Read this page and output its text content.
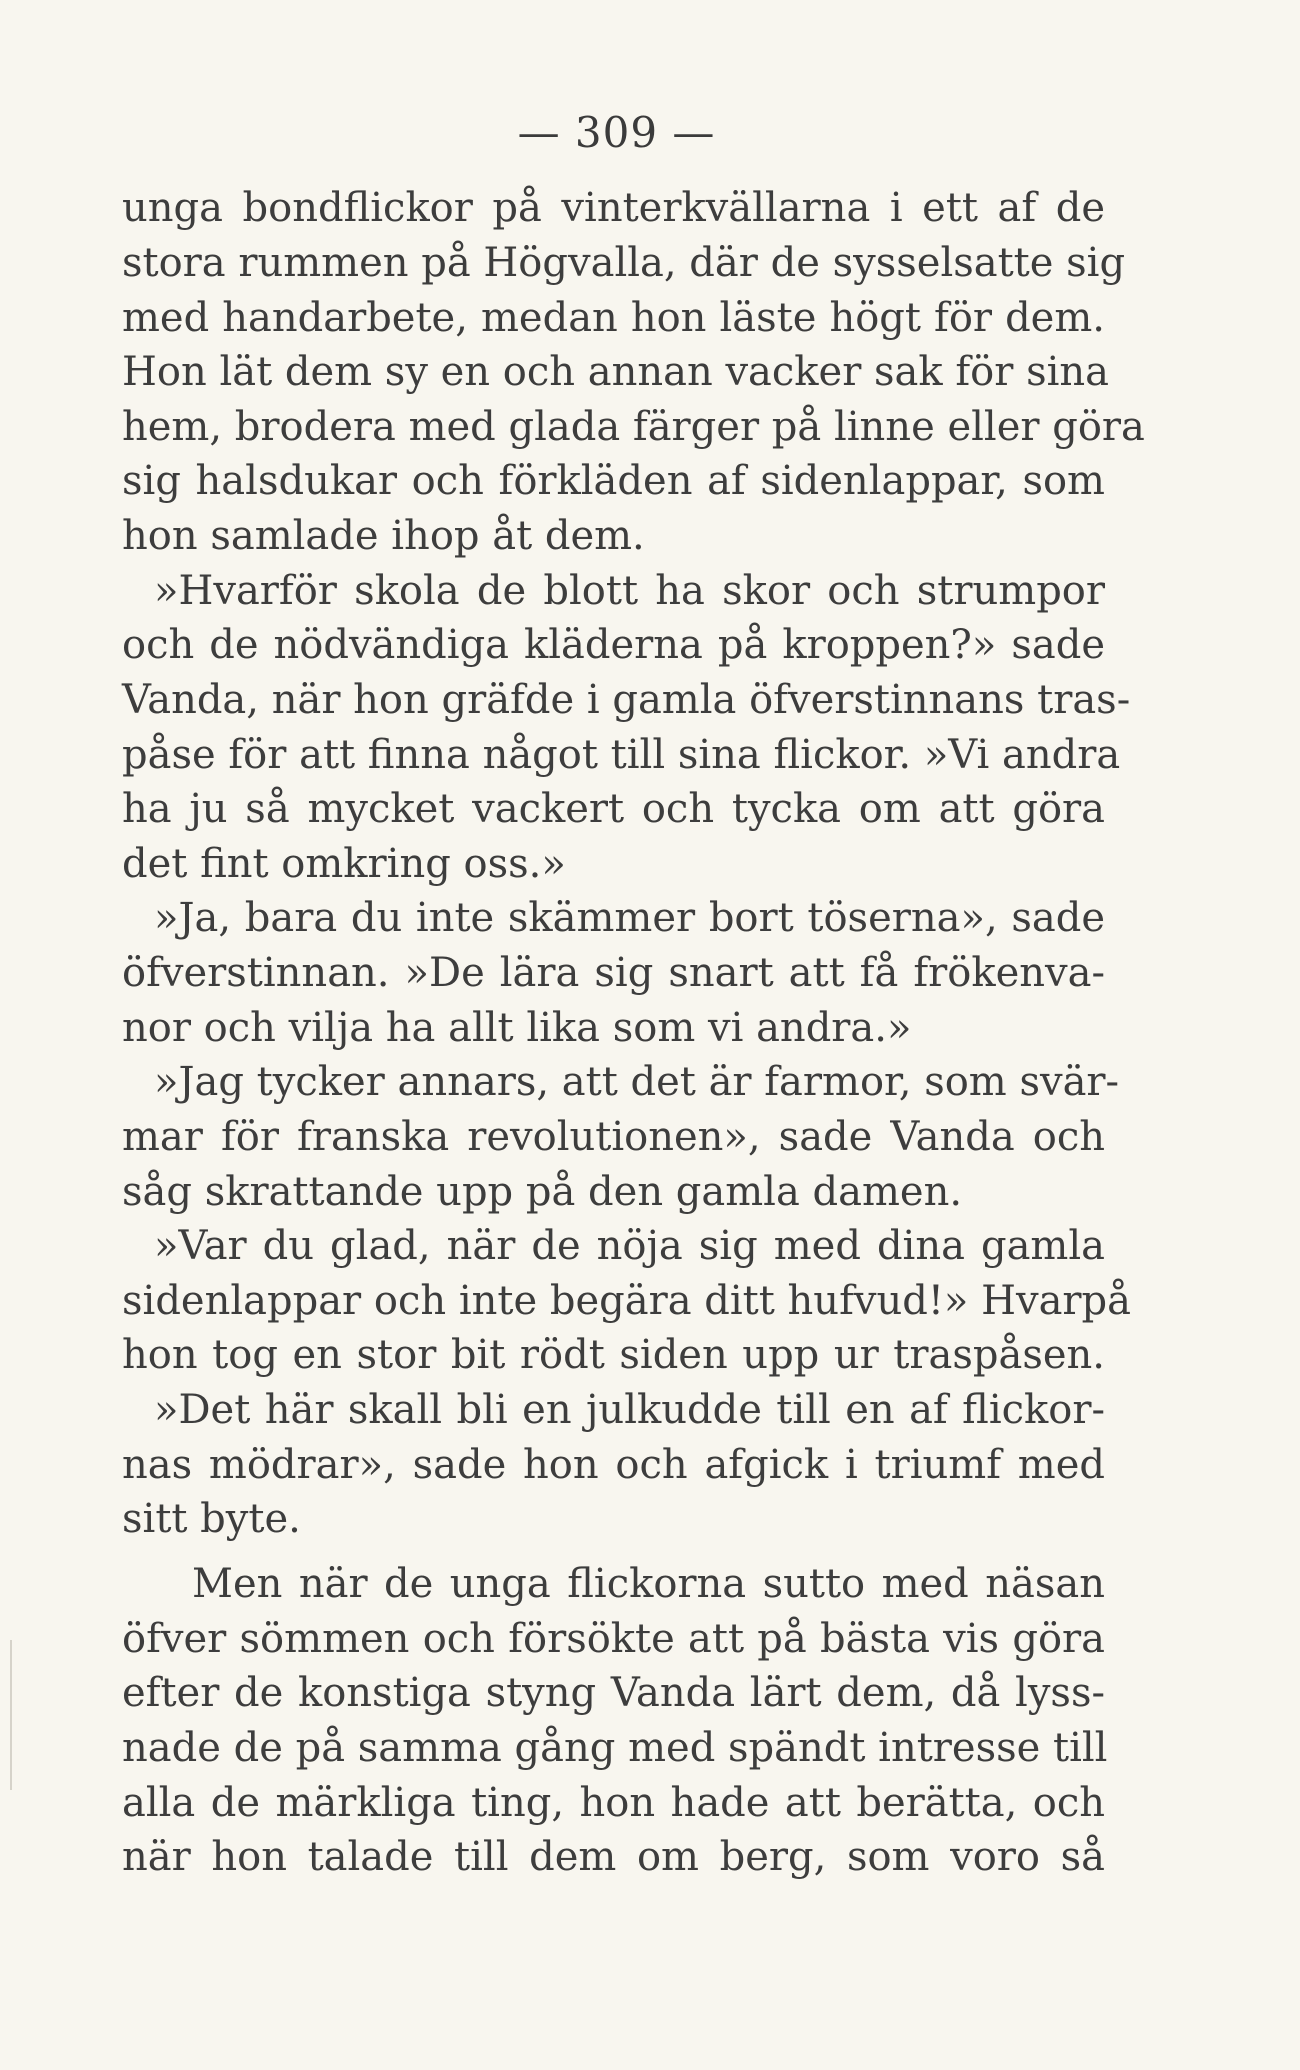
— 309 —
unga bondflickor på vinterkvällarna i ett af de
stora rummen på Högvalla, där de sysselsatte sig
med handarbete, medan hon läste högt för dem.
Hon lät dem sy en och annan vacker sak för sina
hem, brodera med glada färger på linne eller göra
sig halsdukar och förkläden af sidenlappar, som
hon samlade ihop åt dem.
»Hvarför skola de blott ha skor och strumpor
och de nödvändiga kläderna på kroppen?» sade
Vanda, när hon gräfde i gamla öfverstinnans tras-
påse för att finna något till sina flickor. »Vi andra
ha ju så mycket vackert och tycka om att göra
det fint omkring oss.»
»Ja, bara du inte skämmer bort töserna», sade
öfverstinnan. »De lära sig snart att få frökenva-
nor och vilja ha allt lika som vi andra.»
»Jag tycker annars, att det är farmor, som svär-
mar för franska revolutionen», sade Vanda och
såg skrattande upp på den gamla damen.
»Var du glad, när de nöja sig med dina gamla
sidenlappar och inte begära ditt hufvud!» Hvarpå
hon tog en stor bit rödt siden upp ur traspåsen.
»Det här skall bli en julkudde till en af flickor-
nas mödrar», sade hon och afgick i triumf med
sitt byte.
Men när de unga flickorna sutto med näsan
öfver sömmen och försökte att på bästa vis göra
efter de konstiga styng Vanda lärt dem, då lyss-
nade de på samma gång med spändt intresse till
alla de märkliga ting, hon hade att berätta, och
när hon talade till dem om berg, som voro så
